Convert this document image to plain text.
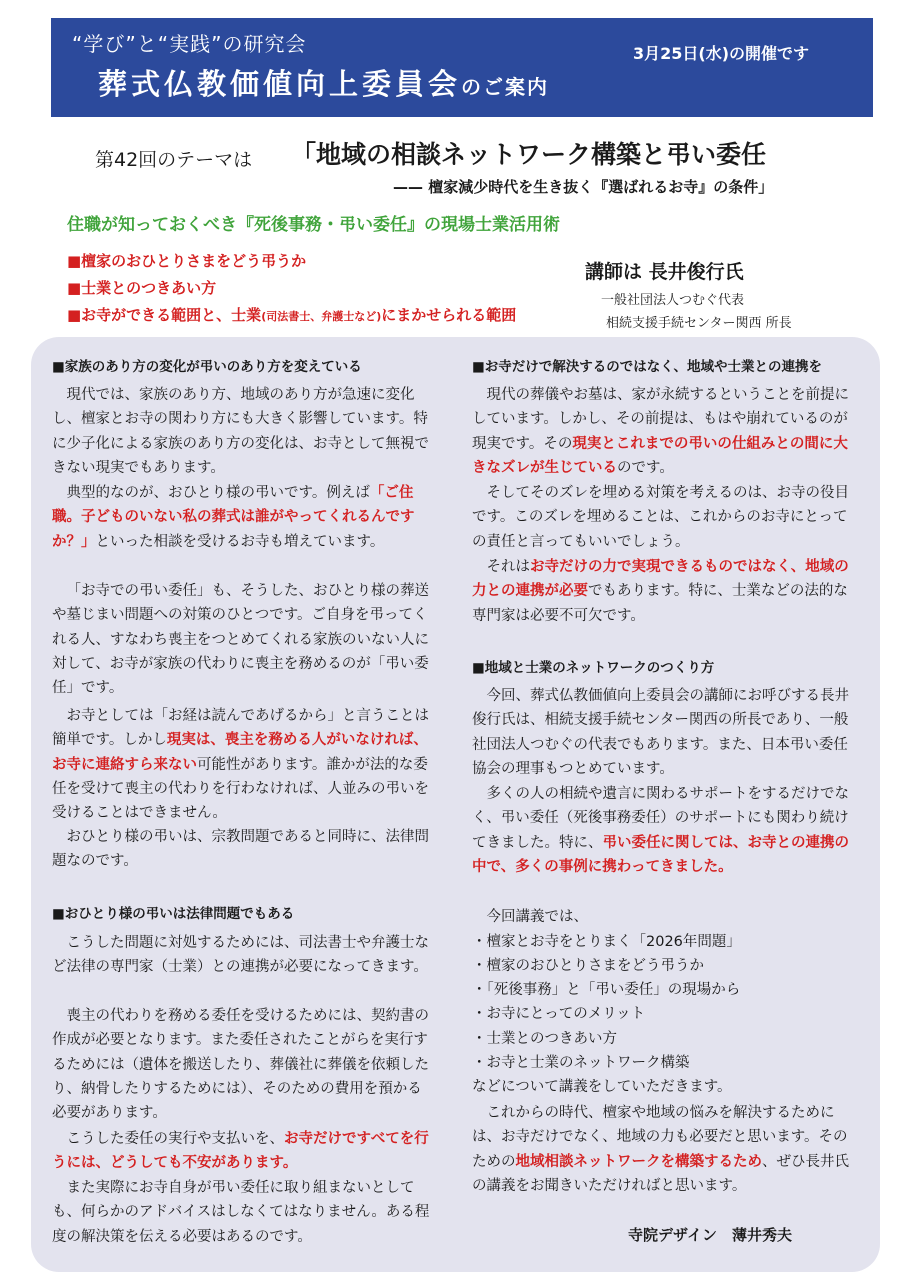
“学び”と“実践”の研究会
葬式仏教価値向上委員会のご案内
3月25日(水)の開催です
第42回のテーマは 「地域の相談ネットワーク構築と弔い委任
—— 檀家減少時代を生き抜く『選ばれるお寺』の条件」
住職が知っておくべき『死後事務・弔い委任』の現場士業活用術
■檀家のおひとりさまをどう弔うか
■士業とのつきあい方
■お寺ができる範囲と、士業(司法書士、弁護士など)にまかせられる範囲
講師は 長井俊行氏
一般社団法人つむぐ代表
相続支援手続センター関西 所長
■家族のあり方の変化が弔いのあり方を変えている

現代では、家族のあり方、地域のあり方が急速に変化し、檀家とお寺の関わり方にも大きく影響しています。特に少子化による家族のあり方の変化は、お寺として無視できない現実でもあります。

典型的なのが、おひとり様の弔いです。例えば「ご住職。子どものいない私の葬式は誰がやってくれるんですか？」といった相談を受けるお寺も増えています。

「お寺での弔い委任」も、そうした、おひとり様の葬送や墓じまい問題への対策のひとつです。ご自身を弔ってくれる人、すなわち喪主をつとめてくれる家族のいない人に対して、お寺が家族の代わりに喪主を務めるのが「弔い委任」です。

お寺としては「お経は読んであげるから」と言うことは簡単です。しかし現実は、喪主を務める人がいなければ、お寺に連絡すら来ない可能性があります。誰かが法的な委任を受けて喪主の代わりを行わなければ、人並みの弔いを受けることはできません。

おひとり様の弔いは、宗教問題であると同時に、法律問題なのです。

■おひとり様の弔いは法律問題でもある

こうした問題に対処するためには、司法書士や弁護士など法律の専門家（士業）との連携が必要になってきます。

喪主の代わりを務める委任を受けるためには、契約書の作成が必要となります。また委任されたことがらを実行するためには（遺体を搬送したり、葬儀社に葬儀を依頼したり、納骨したりするためには）、そのための費用を預かる必要があります。

こうした委任の実行や支払いを、お寺だけですべてを行うには、どうしても不安があります。

また実際にお寺自身が弔い委任に取り組まないとしても、何らかのアドバイスはしなくてはなりません。ある程度の解決策を伝える必要はあるのです。

■お寺だけで解決するのではなく、地域や士業との連携を

現代の葬儀やお墓は、家が永続するということを前提にしています。しかし、その前提は、もはや崩れているのが現実です。その現実とこれまでの弔いの仕組みとの間に大きなズレが生じているのです。

そしてそのズレを埋める対策を考えるのは、お寺の役目です。このズレを埋めることは、これからのお寺にとっての責任と言ってもいいでしょう。

それはお寺だけの力で実現できるものではなく、地域の力との連携が必要でもあります。特に、士業などの法的な専門家は必要不可欠です。

■地域と士業のネットワークのつくり方

今回、葬式仏教価値向上委員会の講師にお呼びする長井俊行氏は、相続支援手続センター関西の所長であり、一般社団法人つむぐの代表でもあります。また、日本弔い委任協会の理事もつとめています。

多くの人の相続や遺言に関わるサポートをするだけでなく、弔い委任（死後事務委任）のサポートにも関わり続けてきました。特に、弔い委任に関しては、お寺との連携の中で、多くの事例に携わってきました。

今回講義では、

・檀家とお寺をとりまく「2026年問題」

・檀家のおひとりさまをどう弔うか

・「死後事務」と「弔い委任」の現場から

・お寺にとってのメリット

・士業とのつきあい方

・お寺と士業のネットワーク構築

などについて講義をしていただきます。

これからの時代、檀家や地域の悩みを解決するためには、お寺だけでなく、地域の力も必要だと思います。そのための地域相談ネットワークを構築するため、ぜひ長井氏の講義をお聞きいただければと思います。

寺院デザイン　薄井秀夫
